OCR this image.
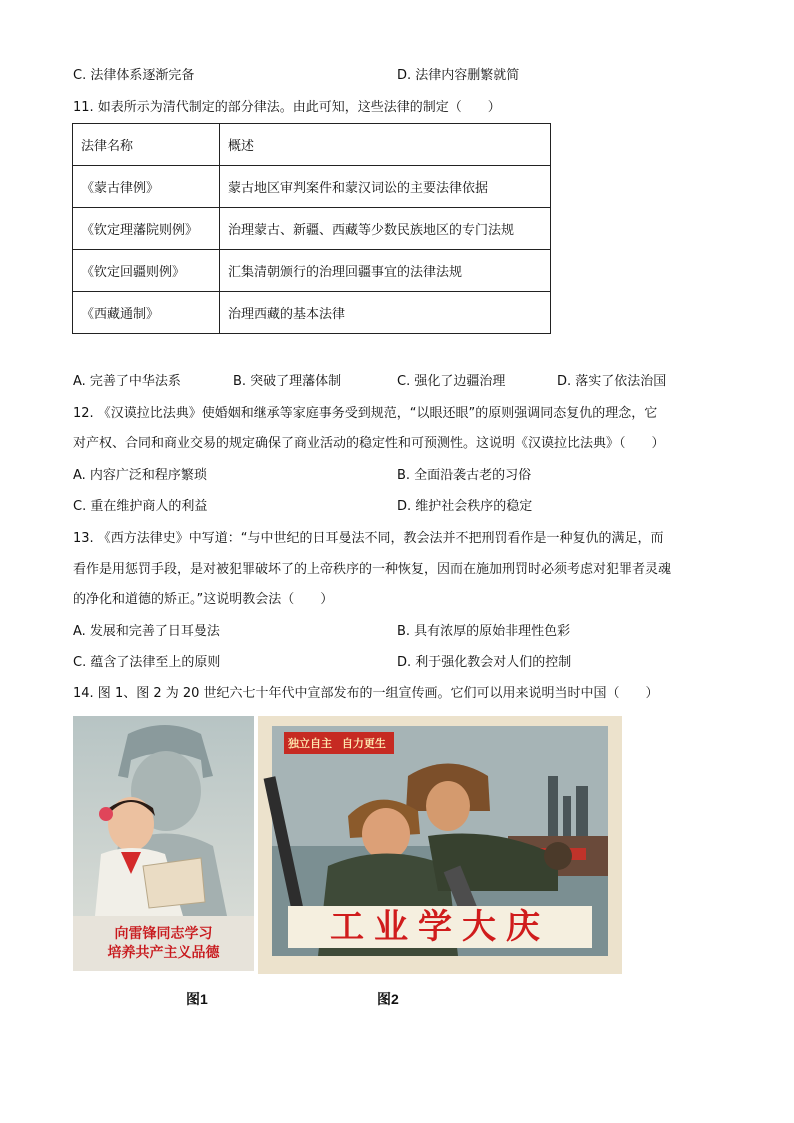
C. 法律体系逐渐完备	D. 法律内容删繁就简
11. 如表所示为清代制定的部分律法。由此可知，这些法律的制定（　　）
法律名称	概述
《蒙古律例》	蒙古地区审判案件和蒙汉词讼的主要法律依据
《钦定理藩院则例》	治理蒙古、新疆、西藏等少数民族地区的专门法规
《钦定回疆则例》	汇集清朝颁行的治理回疆事宜的法律法规
《西藏通制》	治理西藏的基本法律
A. 完善了中华法系	B. 突破了理藩体制	C. 强化了边疆治理	D. 落实了依法治国
12. 《汉谟拉比法典》使婚姻和继承等家庭事务受到规范，“以眼还眼”的原则强调同态复仇的理念，它
对产权、合同和商业交易的规定确保了商业活动的稳定性和可预测性。这说明《汉谟拉比法典》（　　）
A. 内容广泛和程序繁琐	B. 全面沿袭古老的习俗
C. 重在维护商人的利益	D. 维护社会秩序的稳定
13. 《西方法律史》中写道：“与中世纪的日耳曼法不同，教会法并不把刑罚看作是一种复仇的满足，而
看作是用惩罚手段，是对被犯罪破坏了的上帝秩序的一种恢复，因而在施加刑罚时必须考虑对犯罪者灵魂
的净化和道德的矫正。”这说明教会法（　　）
A. 发展和完善了日耳曼法	B. 具有浓厚的原始非理性色彩
C. 蕴含了法律至上的原则	D. 利于强化教会对人们的控制
14. 图 1、图 2 为 20 世纪六七十年代中宣部发布的一组宣传画。它们可以用来说明当时中国（　　）
向雷锋同志学习
培养共产主义品德
独立自主 自力更生
工业学大庆
图1	图2
